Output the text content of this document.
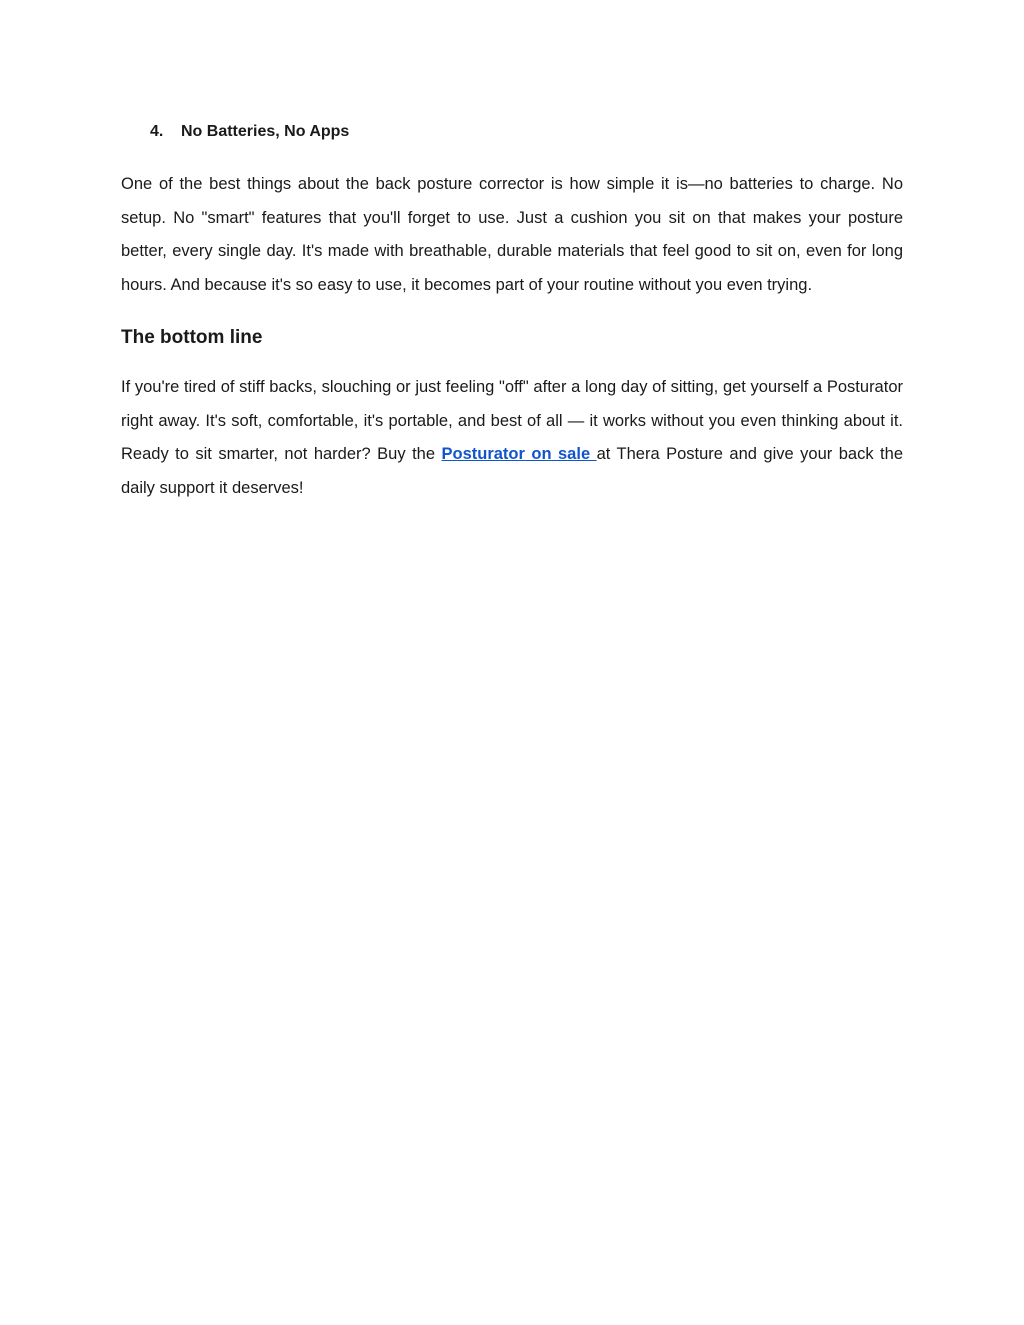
4.	No Batteries, No Apps

One of the best things about the back posture corrector is how simple it is—no batteries to charge. No setup. No "smart" features that you'll forget to use. Just a cushion you sit on that makes your posture better, every single day. It's made with breathable, durable materials that feel good to sit on, even for long hours. And because it's so easy to use, it becomes part of your routine without you even trying.

The bottom line

If you're tired of stiff backs, slouching or just feeling "off" after a long day of sitting, get yourself a Posturator right away. It's soft, comfortable, it's portable, and best of all — it works without you even thinking about it. Ready to sit smarter, not harder? Buy the Posturator on sale at Thera Posture and give your back the daily support it deserves!
